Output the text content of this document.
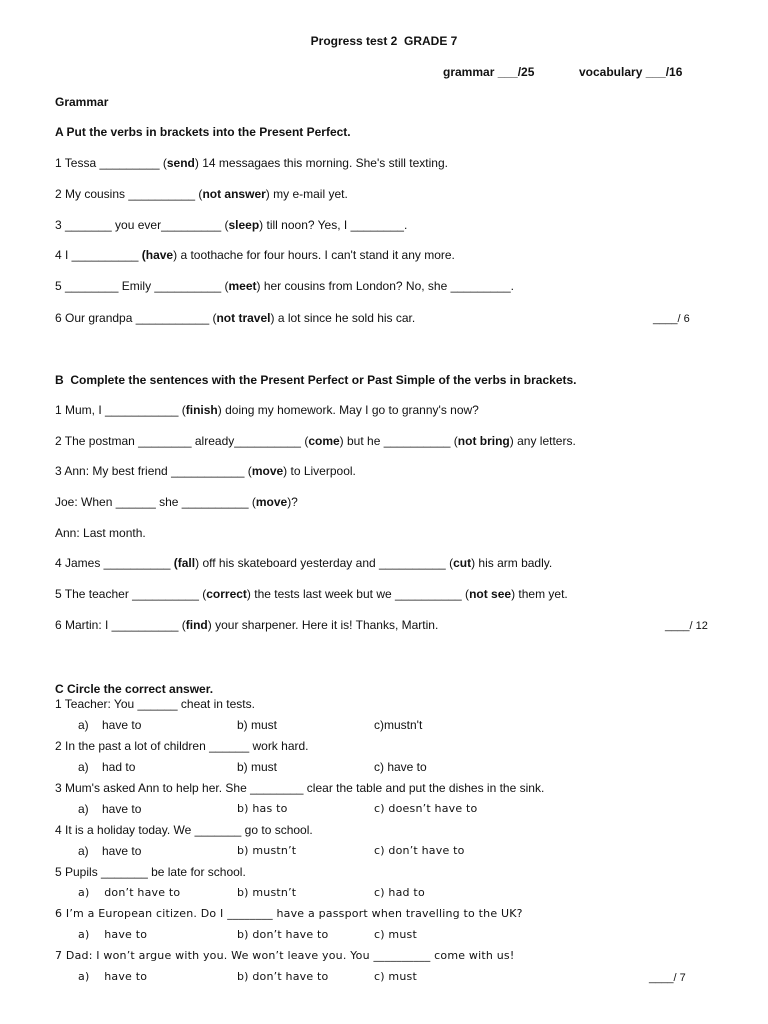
Progress test 2  GRADE 7
grammar ___/25	vocabulary ___/16
Grammar
A Put the verbs in brackets into the Present Perfect.
1 Tessa _________ (send) 14 messagaes this morning. She's still texting.
2 My cousins __________ (not answer) my e-mail yet.
3 _______ you ever_________ (sleep) till noon? Yes, I ________.
4 I __________ (have) a toothache for four hours. I can't stand it any more.
5 ________ Emily __________ (meet) her cousins from London? No, she _________.
6 Our grandpa ___________ (not travel) a lot since he sold his car.	____/ 6
B  Complete the sentences with the Present Perfect or Past Simple of the verbs in brackets.
1 Mum, I ___________ (finish) doing my homework. May I go to granny's now?
2 The postman ________ already__________ (come) but he __________ (not bring) any letters.
3 Ann: My best friend ___________ (move) to Liverpool.
Joe: When ______ she __________ (move)?
Ann: Last month.
4 James __________ (fall) off his skateboard yesterday and __________ (cut) his arm badly.
5 The teacher __________ (correct) the tests last week but we __________ (not see) them yet.
6 Martin: I __________ (find) your sharpener. Here it is! Thanks, Martin.	____/ 12
C Circle the correct answer.
1 Teacher: You ______ cheat in tests.
a)    have to	b) must	c)mustn't
2 In the past a lot of children ______ work hard.
a)    had to	b) must	c) have to
3 Mum's asked Ann to help her. She ________ clear the table and put the dishes in the sink.
a)    have to	b) has to	c) doesn’t have to
4 It is a holiday today. We _______ go to school.
a)    have to	b) mustn’t	c) don’t have to
5 Pupils _______ be late for school.
a)    don’t have to	b) mustn’t	c) had to
6 I’m a European citizen. Do I ________ have a passport when travelling to the UK?
a)    have to	b) don’t have to	c) must
7 Dad: I won’t argue with you. We won’t leave you. You __________ come with us!
a)    have to	b) don’t have to	c) must	____/ 7
